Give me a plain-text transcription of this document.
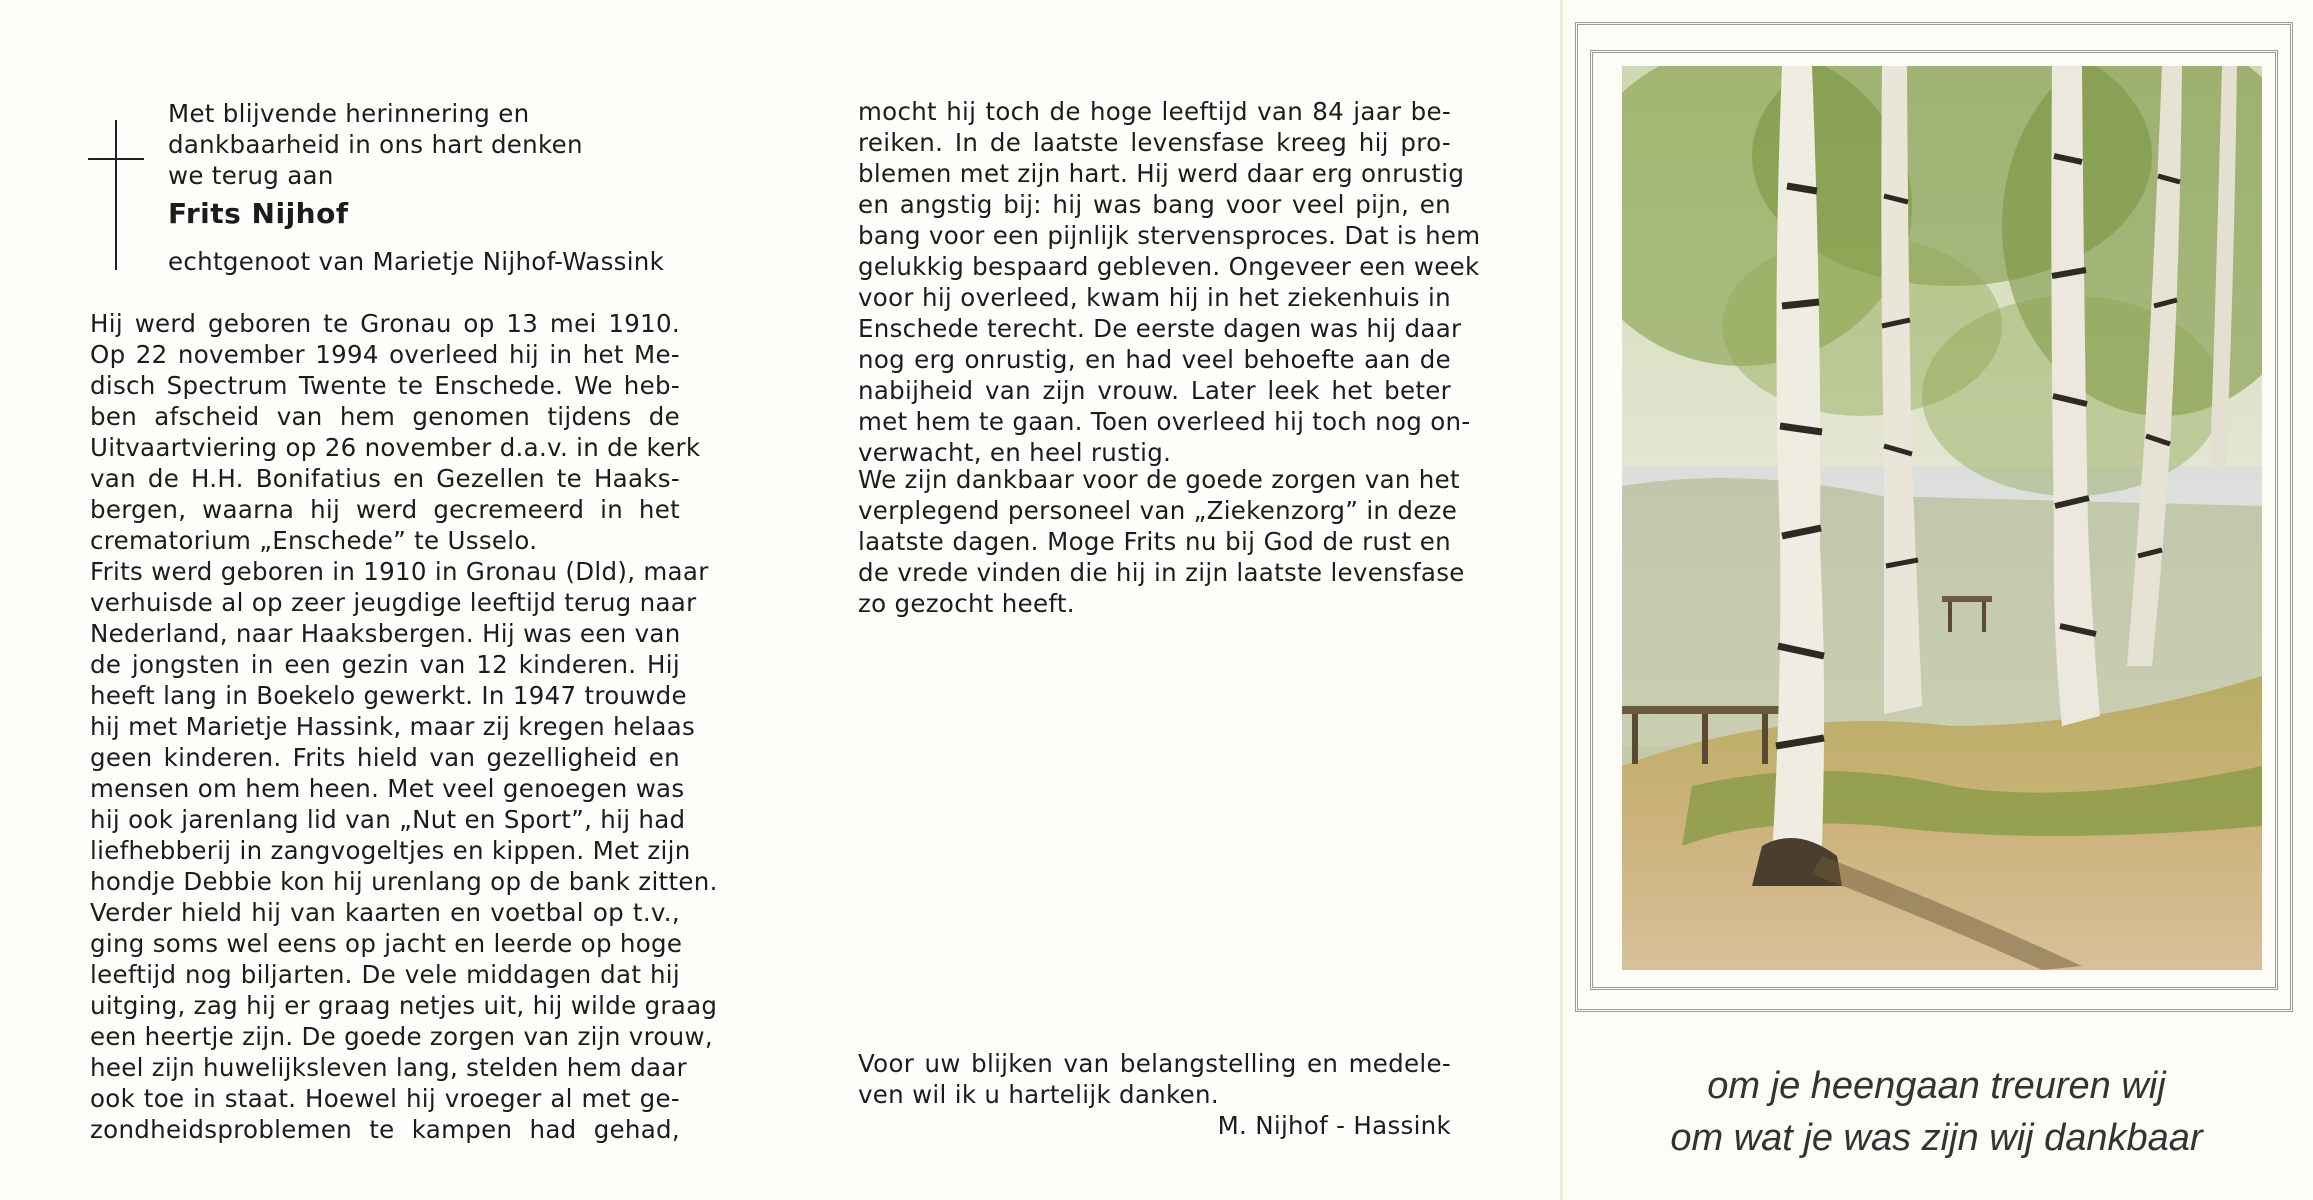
Met blijvende herinnering en

dankbaarheid in ons hart denken

we terug aan

Frits Nijhof
echtgenoot van Marietje Nijhof-Wassink

Hij werd geboren te Gronau op 13 mei 1910.

Op 22 november 1994 overleed hij in het Me-

disch Spectrum Twente te Enschede. We heb-

ben afscheid van hem genomen tijdens de

Uitvaartviering op 26 november d.a.v. in de kerk

van de H.H. Bonifatius en Gezellen te Haaks-

bergen, waarna hij werd gecremeerd in het

crematorium „Enschede” te Usselo.

Frits werd geboren in 1910 in Gronau (Dld), maar

verhuisde al op zeer jeugdige leeftijd terug naar

Nederland, naar Haaksbergen. Hij was een van

de jongsten in een gezin van 12 kinderen. Hij

heeft lang in Boekelo gewerkt. In 1947 trouwde

hij met Marietje Hassink, maar zij kregen helaas

geen kinderen. Frits hield van gezelligheid en

mensen om hem heen. Met veel genoegen was

hij ook jarenlang lid van „Nut en Sport”, hij had

liefhebberij in zangvogeltjes en kippen. Met zijn

hondje Debbie kon hij urenlang op de bank zitten.

Verder hield hij van kaarten en voetbal op t.v.,

ging soms wel eens op jacht en leerde op hoge

leeftijd nog biljarten. De vele middagen dat hij

uitging, zag hij er graag netjes uit, hij wilde graag

een heertje zijn. De goede zorgen van zijn vrouw,

heel zijn huwelijksleven lang, stelden hem daar

ook toe in staat. Hoewel hij vroeger al met ge-

zondheidsproblemen te kampen had gehad,

mocht hij toch de hoge leeftijd van 84 jaar be-

reiken. In de laatste levensfase kreeg hij pro-

blemen met zijn hart. Hij werd daar erg onrustig

en angstig bij: hij was bang voor veel pijn, en

bang voor een pijnlijk stervensproces. Dat is hem

gelukkig bespaard gebleven. Ongeveer een week

voor hij overleed, kwam hij in het ziekenhuis in

Enschede terecht. De eerste dagen was hij daar

nog erg onrustig, en had veel behoefte aan de

nabijheid van zijn vrouw. Later leek het beter

met hem te gaan. Toen overleed hij toch nog on-

verwacht, en heel rustig.

We zijn dankbaar voor de goede zorgen van het

verplegend personeel van „Ziekenzorg” in deze

laatste dagen. Moge Frits nu bij God de rust en

de vrede vinden die hij in zijn laatste levensfase

zo gezocht heeft.

Voor uw blijken van belangstelling en medele-

ven wil ik u hartelijk danken.

M. Nijhof - Hassink

om je heengaan treuren wij

om wat je was zijn wij dankbaar
